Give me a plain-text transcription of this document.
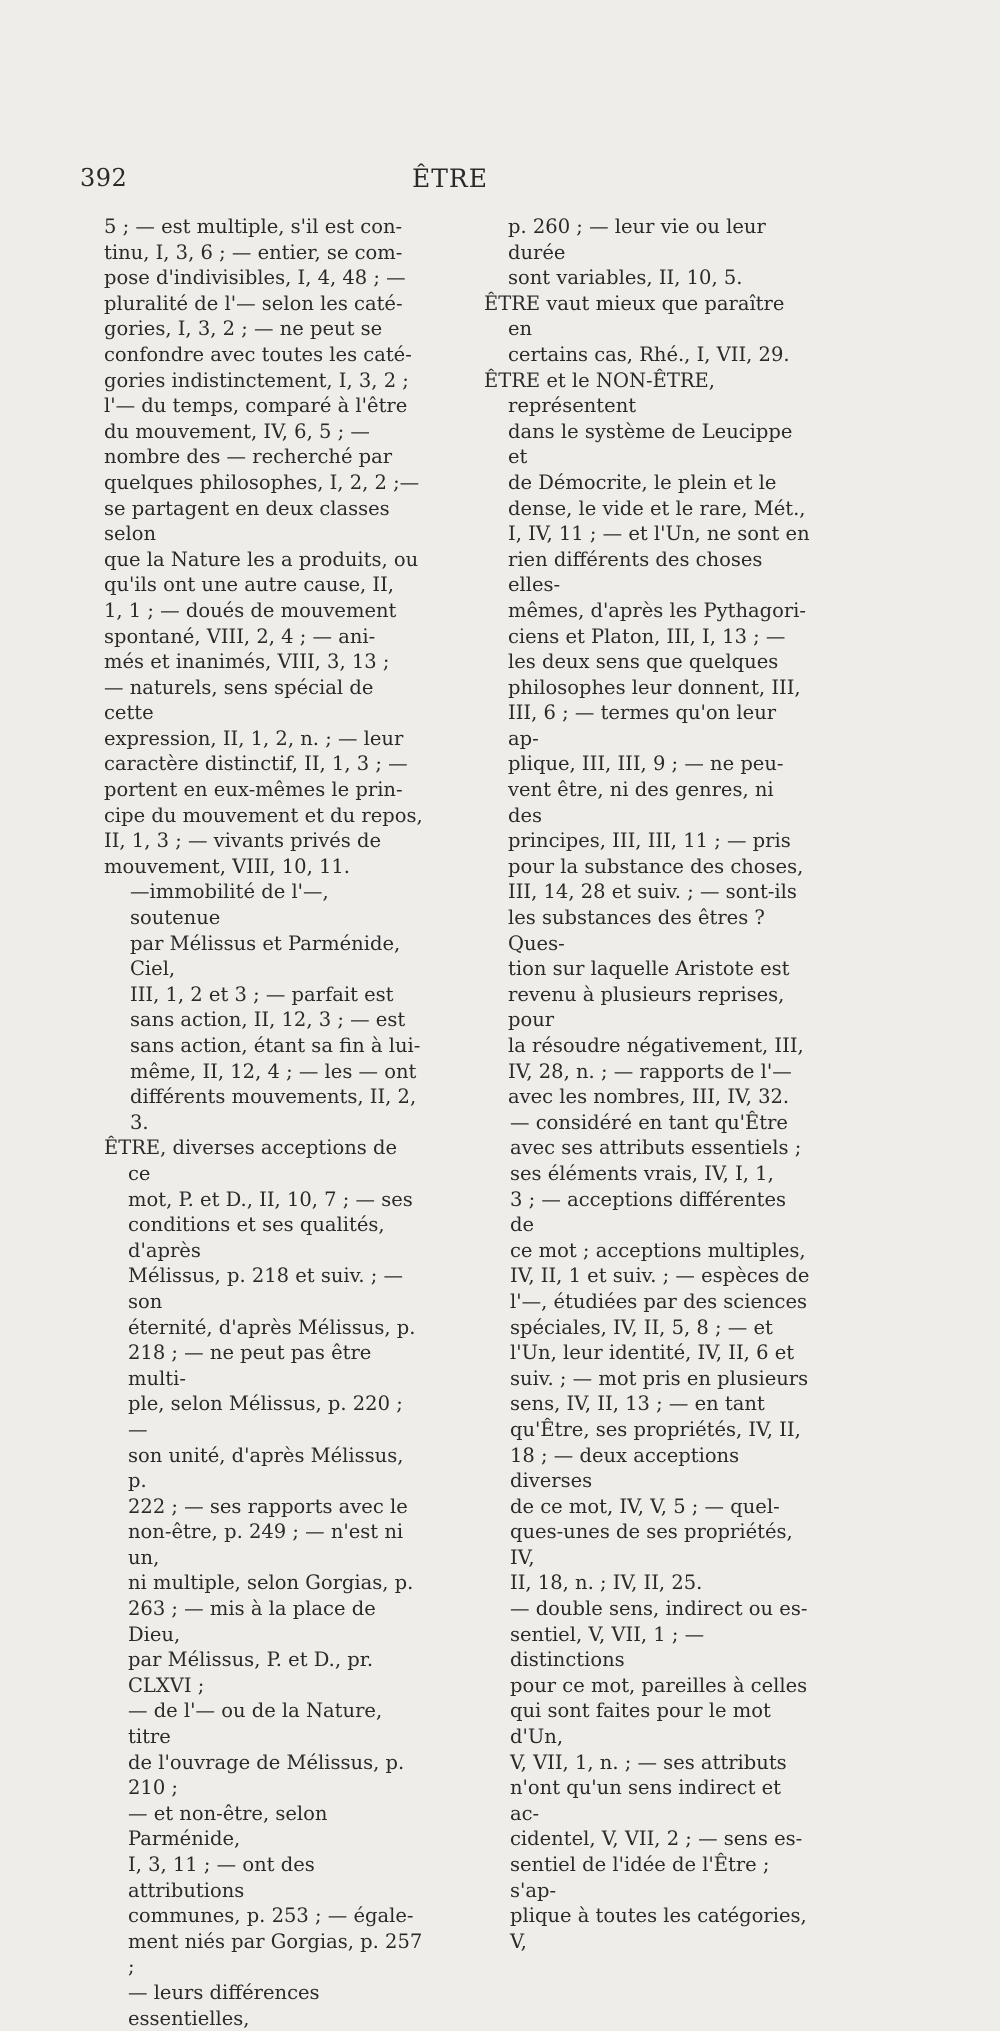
392	ÊTRE

5 ; — est multiple, s'il est con-
tinu, I, 3, 6 ; — entier, se com-
pose d'indivisibles, I, 4, 48 ; —
pluralité de l'— selon les caté-
gories, I, 3, 2 ; — ne peut se
confondre avec toutes les caté-
gories indistinctement, I, 3, 2 ;
l'— du temps, comparé à l'être
du mouvement, IV, 6, 5 ; —
nombre des — recherché par
quelques philosophes, I, 2, 2 ;—
se partagent en deux classes selon
que la Nature les a produits, ou
qu'ils ont une autre cause, II,
1, 1 ; — doués de mouvement
spontané, VIII, 2, 4 ; — ani-
més et inanimés, VIII, 3, 13 ;
— naturels, sens spécial de cette
expression, II, 1, 2, n. ; — leur
caractère distinctif, II, 1, 3 ; —
portent en eux-mêmes le prin-
cipe du mouvement et du repos,
II, 1, 3 ; — vivants privés de
mouvement, VIII, 10, 11.

—immobilité de l'—, soutenue
par Mélissus et Parménide, Ciel,
III, 1, 2 et 3 ; — parfait est
sans action, II, 12, 3 ; — est
sans action, étant sa fin à lui-
même, II, 12, 4 ; — les — ont
différents mouvements, II, 2, 3.

ÊTRE, diverses acceptions de ce
mot, P. et D., II, 10, 7 ; — ses
conditions et ses qualités, d'après
Mélissus, p. 218 et suiv. ; — son
éternité, d'après Mélissus, p.
218 ; — ne peut pas être multi-
ple, selon Mélissus, p. 220 ; —
son unité, d'après Mélissus, p.
222 ; — ses rapports avec le
non-être, p. 249 ; — n'est ni un,
ni multiple, selon Gorgias, p.
263 ; — mis à la place de Dieu,
par Mélissus, P. et D., pr. CLXVI ;
— de l'— ou de la Nature, titre
de l'ouvrage de Mélissus, p. 210 ;
— et non-être, selon Parménide,
I, 3, 11 ; — ont des attributions
communes, p. 253 ; — égale-
ment niés par Gorgias, p. 257 ;
— leurs différences essentielles,

p. 260 ; — leur vie ou leur durée
sont variables, II, 10, 5.

ÊTRE vaut mieux que paraître en
certains cas, Rhé., I, VII, 29.

ÊTRE et le NON-ÊTRE, représentent
dans le système de Leucippe et
de Démocrite, le plein et le
dense, le vide et le rare, Mét.,
I, IV, 11 ; — et l'Un, ne sont en
rien différents des choses elles-
mêmes, d'après les Pythagori-
ciens et Platon, III, I, 13 ; —
les deux sens que quelques
philosophes leur donnent, III,
III, 6 ; — termes qu'on leur ap-
plique, III, III, 9 ; — ne peu-
vent être, ni des genres, ni des
principes, III, III, 11 ; — pris
pour la substance des choses,
III, 14, 28 et suiv. ; — sont-ils
les substances des êtres ? Ques-
tion sur laquelle Aristote est
revenu à plusieurs reprises, pour
la résoudre négativement, III,
IV, 28, n. ; — rapports de l'—
avec les nombres, III, IV, 32.

— considéré en tant qu'Être
avec ses attributs essentiels ;
ses éléments vrais, IV, I, 1,
3 ; — acceptions différentes de
ce mot ; acceptions multiples,
IV, II, 1 et suiv. ; — espèces de
l'—, étudiées par des sciences
spéciales, IV, II, 5, 8 ; — et
l'Un, leur identité, IV, II, 6 et
suiv. ; — mot pris en plusieurs
sens, IV, II, 13 ; — en tant
qu'Être, ses propriétés, IV, II,
18 ; — deux acceptions diverses
de ce mot, IV, V, 5 ; — quel-
ques-unes de ses propriétés, IV,
II, 18, n. ; IV, II, 25.

— double sens, indirect ou es-
sentiel, V, VII, 1 ; — distinctions
pour ce mot, pareilles à celles
qui sont faites pour le mot d'Un,
V, VII, 1, n. ; — ses attributs
n'ont qu'un sens indirect et ac-
cidentel, V, VII, 2 ; — sens es-
sentiel de l'idée de l'Être ; s'ap-
plique à toutes les catégories, V,
